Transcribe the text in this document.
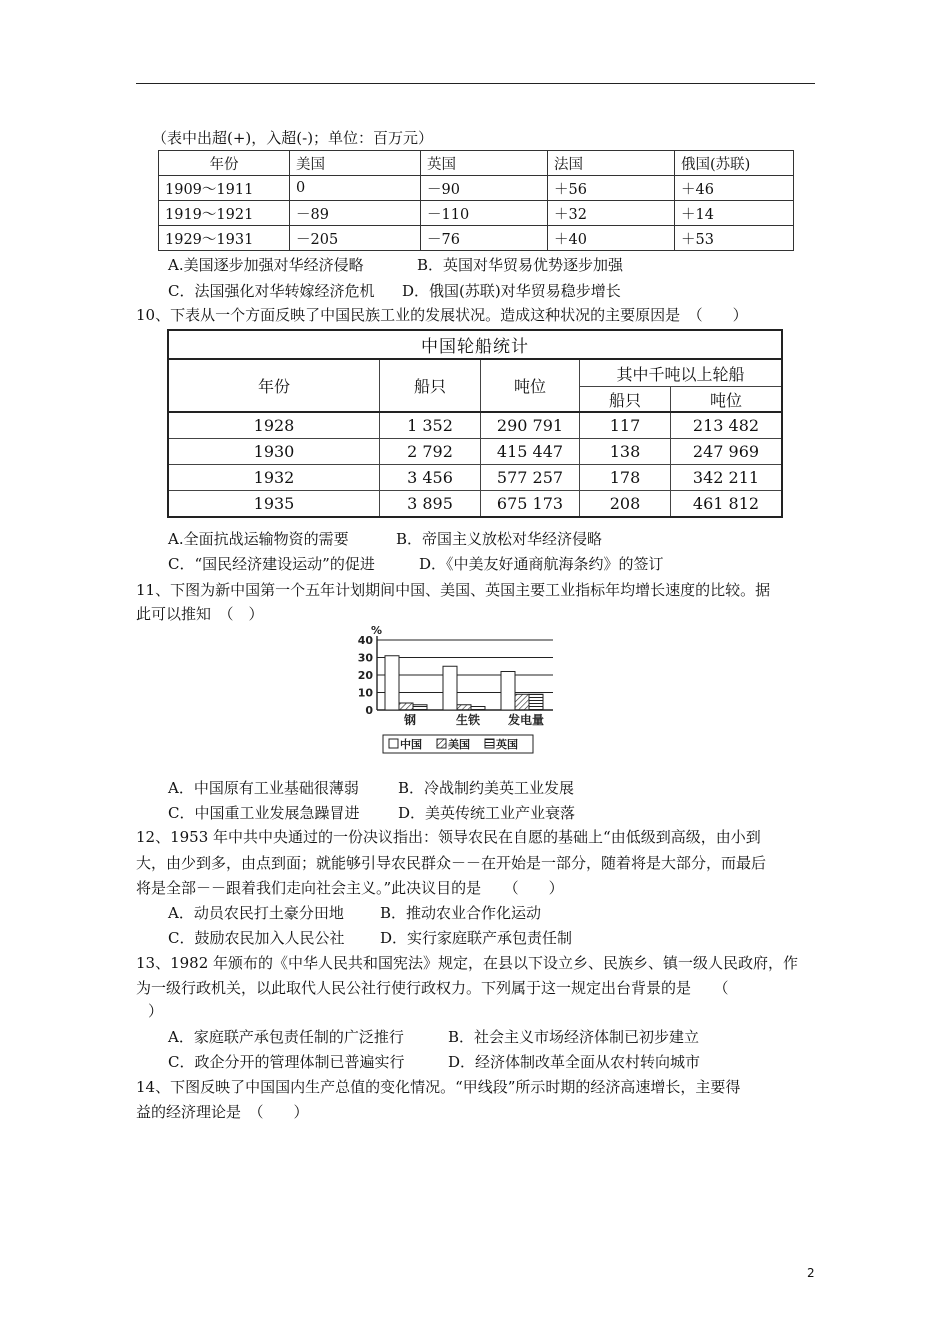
（表中出超(+)，入超(-)；单位：百万元）
年份	美国	英国	法国	俄国(苏联)
1909～1911	0	－90	＋56	＋46
1919～1921	－89	－110	＋32	＋14
1929～1931	－205	－76	＋40	＋53
A.美国逐步加强对华经济侵略	B．英国对华贸易优势逐步加强
C．法国强化对华转嫁经济危机 D．俄国(苏联)对华贸易稳步增长
10、下表从一个方面反映了中国民族工业的发展状况。造成这种状况的主要原因是　（　　）
中国轮船统计				
年份	船只	吨位	其中千吨以上轮船	
			船只	吨位
1928	1 352	290 791	117	213 482
1930	2 792	415 447	138	247 969
1932	3 456	577 257	178	342 211
1935	3 895	675 173	208	461 812
A.全面抗战运输物资的需要	B．帝国主义放松对华经济侵略
C．“国民经济建设运动”的促进	D．《中美友好通商航海条约》的签订
11、下图为新中国第一个五年计划期间中国、美国、英国主要工业指标年均增长速度的比较。据
此可以推知　（　）
0
10
20
30
40
%
钢	生铁 发电量
中国 美国 英国
A．中国原有工业基础很薄弱	B．冷战制约美英工业发展
C．中国重工业发展急躁冒进	D．美英传统工业产业衰落
12、1953 年中共中央通过的一份决议指出：领导农民在自愿的基础上“由低级到高级，由小到
大，由少到多，由点到面；就能够引导农民群众－－在开始是一部分，随着将是大部分，而最后
将是全部－－跟着我们走向社会主义。”此决议目的是　　（　　）
A．动员农民打土豪分田地 B．推动农业合作化运动
C．鼓励农民加入人民公社 D．实行家庭联产承包责任制
13、1982 年颁布的《中华人民共和国宪法》规定，在县以下设立乡、民族乡、镇一级人民政府，作
为一级行政机关，以此取代人民公社行使行政权力。下列属于这一规定出台背景的是　　（
）
A．家庭联产承包责任制的广泛推行	B．社会主义市场经济体制已初步建立
C．政企分开的管理体制已普遍实行	D．经济体制改革全面从农村转向城市
14、下图反映了中国国内生产总值的变化情况。“甲线段”所示时期的经济高速增长，主要得
益的经济理论是　（　　）
2
